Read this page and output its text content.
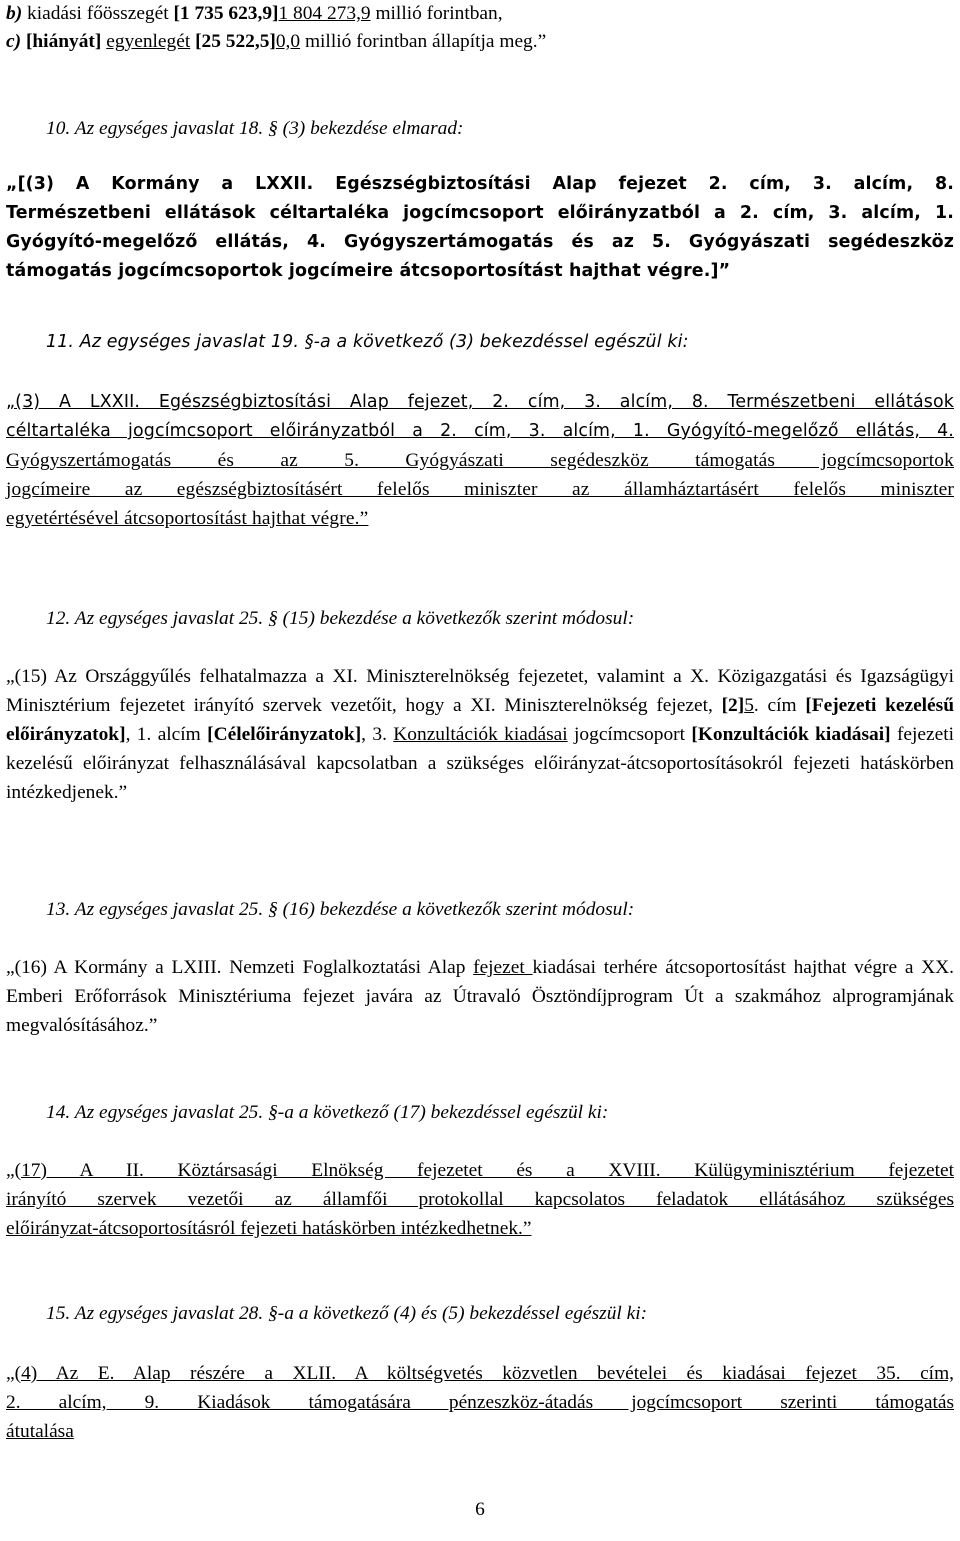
b) kiadási főösszegét [1 735 623,9]1 804 273,9 millió forintban,

c) [hiányát] egyenlegét [25 522,5]0,0 millió forintban állapítja meg.”

10. Az egységes javaslat 18. § (3) bekezdése elmarad:

„[(3) A Kormány a LXXII. Egészségbiztosítási Alap fejezet 2. cím, 3. alcím, 8.
Természetbeni ellátások céltartaléka jogcímcsoport előirányzatból a 2. cím, 3. alcím, 1.
Gyógyító-megelőző ellátás, 4. Gyógyszertámogatás és az 5. Gyógyászati segédeszköz
támogatás jogcímcsoportok jogcímeire átcsoportosítást hajthat végre.]”

11. Az egységes javaslat 19. §-a a következő (3) bekezdéssel egészül ki:

„(3) A LXXII. Egészségbiztosítási Alap fejezet, 2. cím, 3. alcím, 8. Természetbeni ellátások
céltartaléka jogcímcsoport előirányzatból a 2. cím, 3. alcím, 1. Gyógyító-megelőző ellátás, 4.
Gyógyszertámogatás és az 5. Gyógyászati segédeszköz támogatás jogcímcsoportok
jogcímeire az egészségbiztosításért felelős miniszter az államháztartásért felelős miniszter
egyetértésével átcsoportosítást hajthat végre.”

12. Az egységes javaslat 25. § (15) bekezdése a következők szerint módosul:

„(15) Az Országgyűlés felhatalmazza a XI. Miniszterelnökség fejezetet, valamint a X. Közigazgatási és Igazságügyi Minisztérium fejezetet irányító szervek vezetőit, hogy a XI. Miniszterelnökség fejezet, [2]5. cím [Fejezeti kezelésű előirányzatok], 1. alcím [Célelőirányzatok], 3. Konzultációk kiadásai jogcímcsoport [Konzultációk kiadásai] fejezeti kezelésű előirányzat felhasználásával kapcsolatban a szükséges előirányzat-átcsoportosításokról fejezeti hatáskörben intézkedjenek.”

13. Az egységes javaslat 25. § (16) bekezdése a következők szerint módosul:

„(16) A Kormány a LXIII. Nemzeti Foglalkoztatási Alap fejezet kiadásai terhére átcsoportosítást hajthat végre a XX. Emberi Erőforrások Minisztériuma fejezet javára az Útravaló Ösztöndíjprogram Út a szakmához alprogramjának megvalósításához.”

14. Az egységes javaslat 25. §-a a következő (17) bekezdéssel egészül ki:

„(17) A II. Köztársasági Elnökség fejezetet és a XVIII. Külügyminisztérium fejezetet
irányító szervek vezetői az államfői protokollal kapcsolatos feladatok ellátásához szükséges
előirányzat-átcsoportosításról fejezeti hatáskörben intézkedhetnek.”

15. Az egységes javaslat 28. §-a a következő (4) és (5) bekezdéssel egészül ki:

„(4) Az E. Alap részére a XLII. A költségvetés közvetlen bevételei és kiadásai fejezet 35. cím,
2. alcím, 9. Kiadások támogatására pénzeszköz-átadás jogcímcsoport szerinti támogatás
átutalása

6
